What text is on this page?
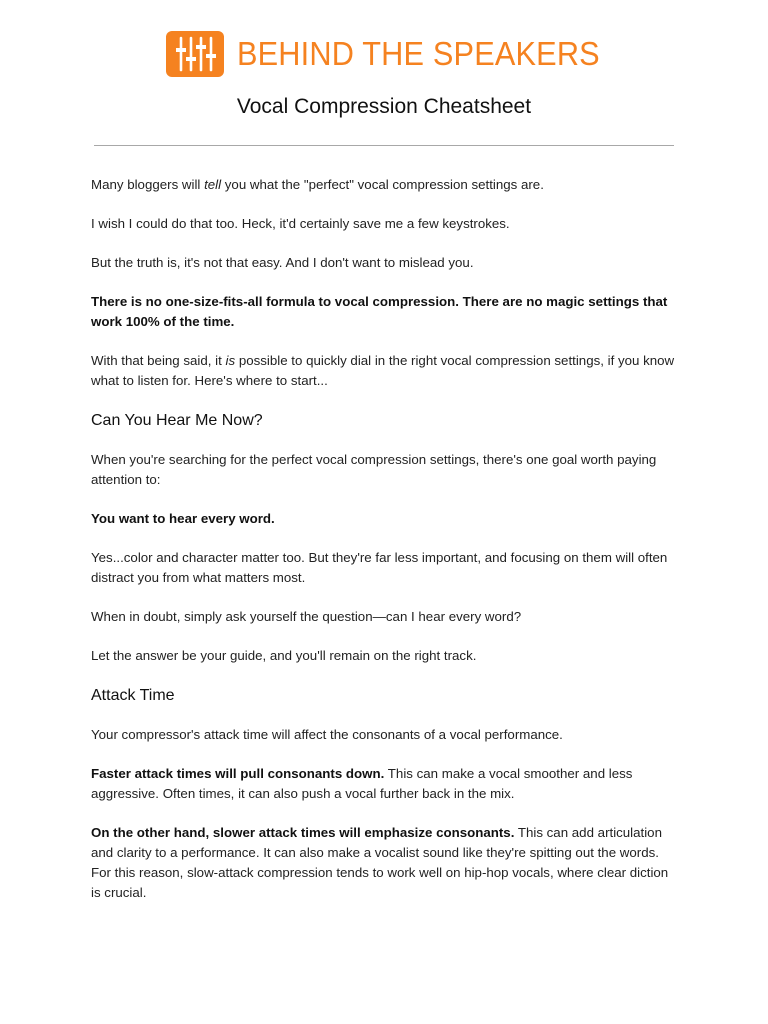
BEHIND THE SPEAKERS
Vocal Compression Cheatsheet

Many bloggers will tell you what the "perfect" vocal compression settings are.

I wish I could do that too. Heck, it'd certainly save me a few keystrokes.

But the truth is, it's not that easy. And I don't want to mislead you.

There is no one-size-fits-all formula to vocal compression. There are no magic settings that work 100% of the time.

With that being said, it is possible to quickly dial in the right vocal compression settings, if you know what to listen for. Here's where to start...

Can You Hear Me Now?

When you're searching for the perfect vocal compression settings, there's one goal worth paying attention to:

You want to hear every word.

Yes...color and character matter too. But they're far less important, and focusing on them will often distract you from what matters most.

When in doubt, simply ask yourself the question—can I hear every word?

Let the answer be your guide, and you'll remain on the right track.

Attack Time

Your compressor's attack time will affect the consonants of a vocal performance.

Faster attack times will pull consonants down. This can make a vocal smoother and less aggressive. Often times, it can also push a vocal further back in the mix.

On the other hand, slower attack times will emphasize consonants. This can add articulation and clarity to a performance. It can also make a vocalist sound like they're spitting out the words. For this reason, slow-attack compression tends to work well on hip-hop vocals, where clear diction is crucial.
